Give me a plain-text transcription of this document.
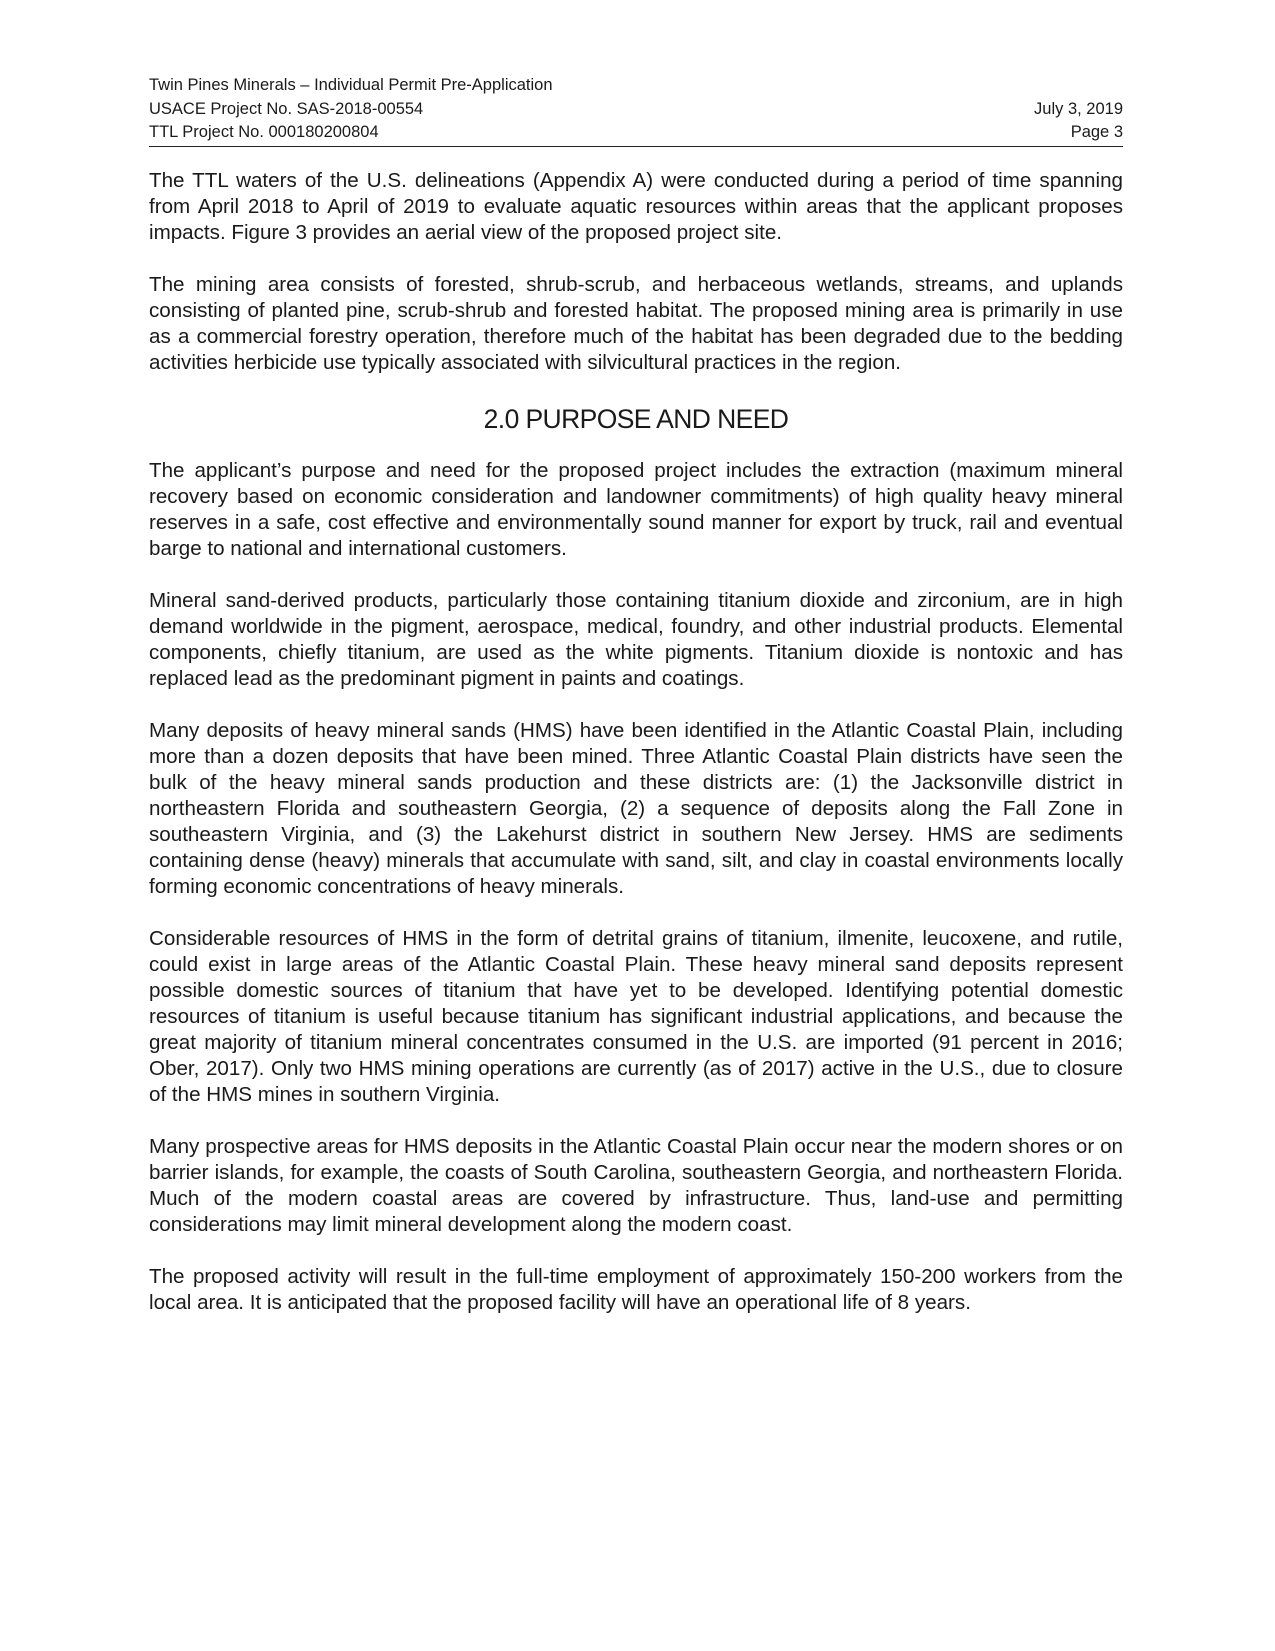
Twin Pines Minerals – Individual Permit Pre-Application
USACE Project No. SAS-2018-00554	July 3, 2019
TTL Project No. 000180200804	Page 3

The TTL waters of the U.S. delineations (Appendix A) were conducted during a period of time spanning from April 2018 to April of 2019 to evaluate aquatic resources within areas that the applicant proposes impacts. Figure 3 provides an aerial view of the proposed project site.

The mining area consists of forested, shrub-scrub, and herbaceous wetlands, streams, and uplands consisting of planted pine, scrub-shrub and forested habitat. The proposed mining area is primarily in use as a commercial forestry operation, therefore much of the habitat has been degraded due to the bedding activities herbicide use typically associated with silvicultural practices in the region.

2.0 PURPOSE AND NEED

The applicant’s purpose and need for the proposed project includes the extraction (maximum mineral recovery based on economic consideration and landowner commitments) of high quality heavy mineral reserves in a safe, cost effective and environmentally sound manner for export by truck, rail and eventual barge to national and international customers.

Mineral sand-derived products, particularly those containing titanium dioxide and zirconium, are in high demand worldwide in the pigment, aerospace, medical, foundry, and other industrial products. Elemental components, chiefly titanium, are used as the white pigments. Titanium dioxide is nontoxic and has replaced lead as the predominant pigment in paints and coatings.

Many deposits of heavy mineral sands (HMS) have been identified in the Atlantic Coastal Plain, including more than a dozen deposits that have been mined. Three Atlantic Coastal Plain districts have seen the bulk of the heavy mineral sands production and these districts are: (1) the Jacksonville district in northeastern Florida and southeastern Georgia, (2) a sequence of deposits along the Fall Zone in southeastern Virginia, and (3) the Lakehurst district in southern New Jersey. HMS are sediments containing dense (heavy) minerals that accumulate with sand, silt, and clay in coastal environments locally forming economic concentrations of heavy minerals.

Considerable resources of HMS in the form of detrital grains of titanium, ilmenite, leucoxene, and rutile, could exist in large areas of the Atlantic Coastal Plain. These heavy mineral sand deposits represent possible domestic sources of titanium that have yet to be developed. Identifying potential domestic resources of titanium is useful because titanium has significant industrial applications, and because the great majority of titanium mineral concentrates consumed in the U.S. are imported (91 percent in 2016; Ober, 2017). Only two HMS mining operations are currently (as of 2017) active in the U.S., due to closure of the HMS mines in southern Virginia.

Many prospective areas for HMS deposits in the Atlantic Coastal Plain occur near the modern shores or on barrier islands, for example, the coasts of South Carolina, southeastern Georgia, and northeastern Florida. Much of the modern coastal areas are covered by infrastructure. Thus, land-use and permitting considerations may limit mineral development along the modern coast.

The proposed activity will result in the full-time employment of approximately 150-200 workers from the local area. It is anticipated that the proposed facility will have an operational life of 8 years.
